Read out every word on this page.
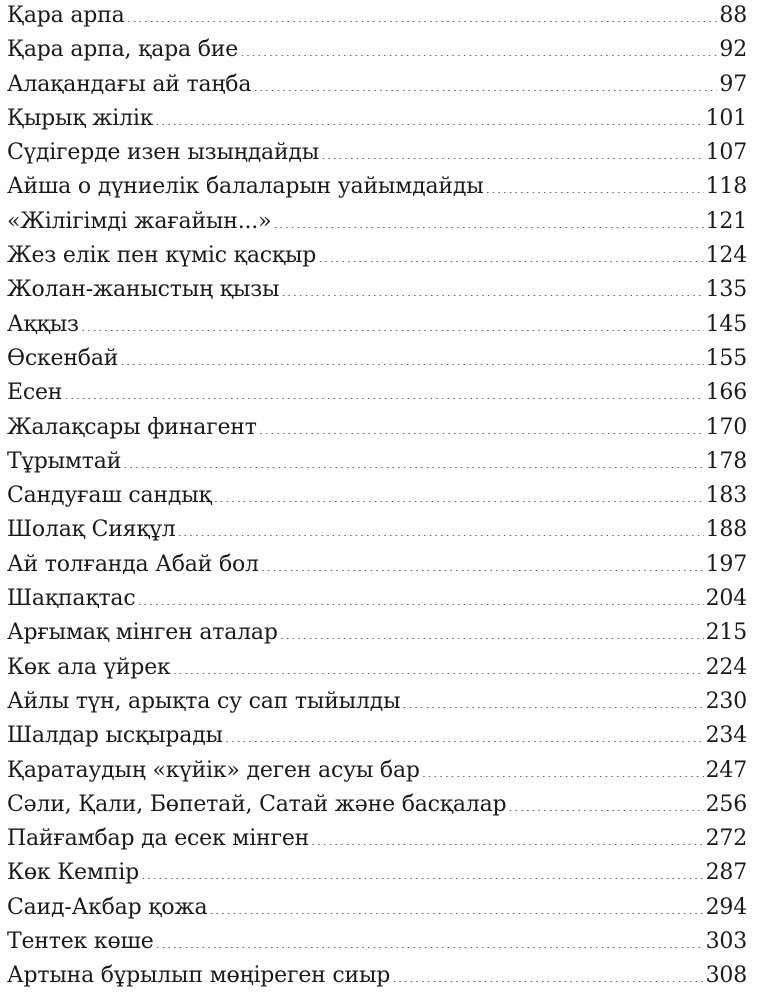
Қара арпа . . .	88
Қара арпа, қара бие . . .	92
Алақандағы ай таңба . . .	97
Қырық жілік . . .	101
Сүдігерде изен ызыңдайды . . .	107
Айша о дүниелік балаларын уайымдайды . . .	118
«Жілігімді жағайын...» . . .	121
Жез елік пен күміс қасқыр . . .	124
Жолан-жаныстың қызы . . .	135
Аққыз . . .	145
Өскенбай . . .	155
Есен . . .	166
Жалақсары финагент . . .	170
Тұрымтай . . .	178
Сандуғаш сандық . . .	183
Шолақ Сияқұл . . .	188
Ай толғанда Абай бол . . .	197
Шақпақтас . . .	204
Арғымақ мінген аталар . . .	215
Көк ала үйрек . . .	224
Айлы түн, арықта су сап тыйылды . . .	230
Шалдар ысқырады . . .	234
Қаратаудың «күйік» деген асуы бар . . .	247
Сәли, Қали, Бөпетай, Сатай және басқалар . . .	256
Пайғамбар да есек мінген . . .	272
Көк Кемпір . . .	287
Саид-Акбар қожа . . .	294
Тентек көше . . .	303
Артына бұрылып мөңіреген сиыр . . .	308
